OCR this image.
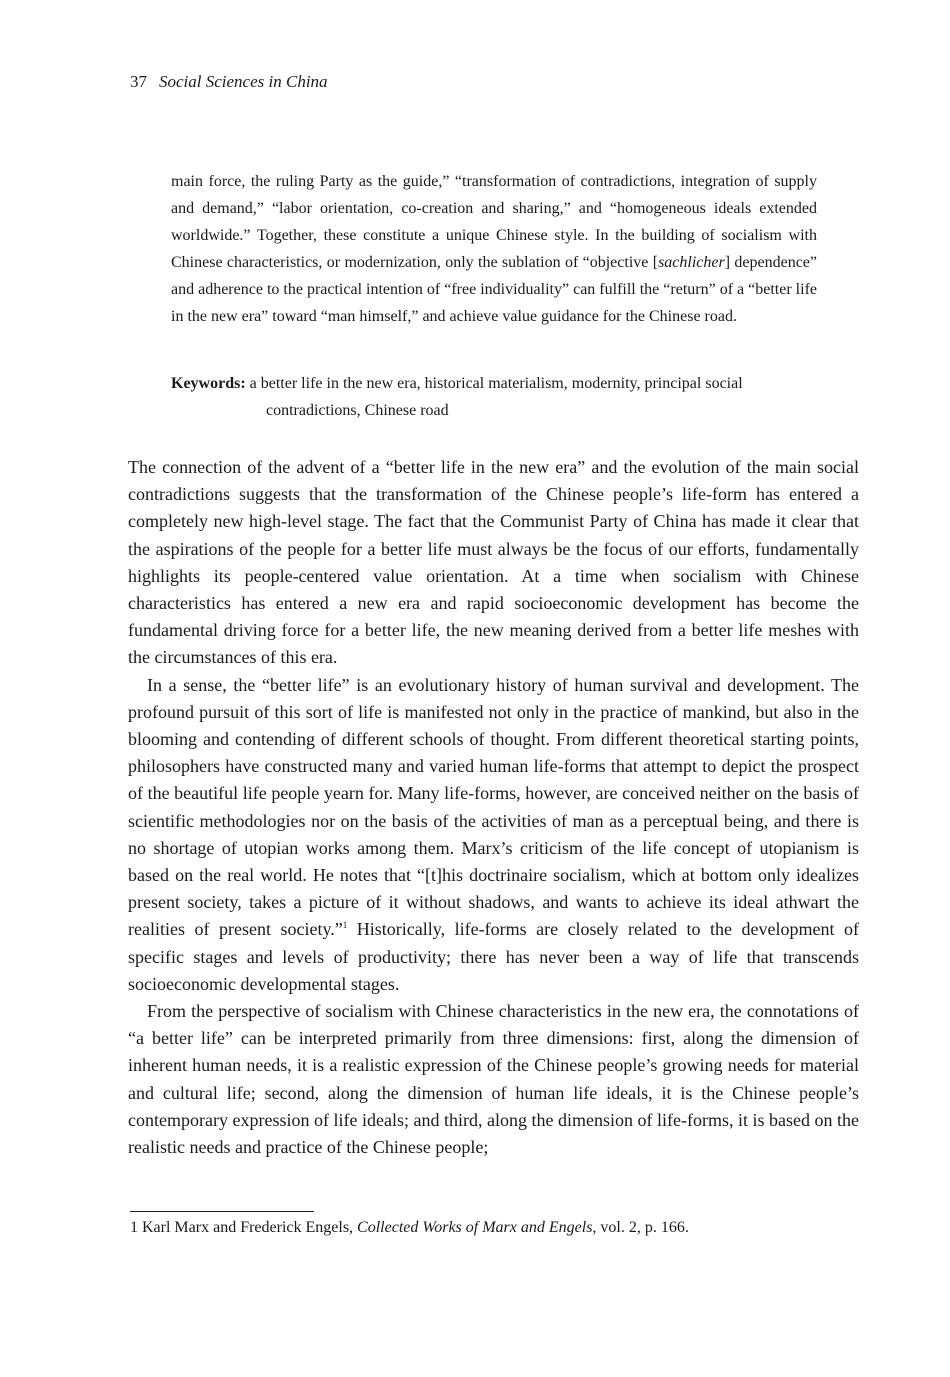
37 Social Sciences in China

main force, the ruling Party as the guide,” “transformation of contradictions, integration of supply and demand,” “labor orientation, co-creation and sharing,” and “homogeneous ideals extended worldwide.” Together, these constitute a unique Chinese style. In the building of socialism with Chinese characteristics, or modernization, only the sublation of “objective [sachlicher] dependence” and adherence to the practical intention of “free individuality” can fulfill the “return” of a “better life in the new era” toward “man himself,” and achieve value guidance for the Chinese road.

Keywords: a better life in the new era, historical materialism, modernity, principal social contradictions, Chinese road

The connection of the advent of a “better life in the new era” and the evolution of the main social contradictions suggests that the transformation of the Chinese people’s life-form has entered a completely new high-level stage. The fact that the Communist Party of China has made it clear that the aspirations of the people for a better life must always be the focus of our efforts, fundamentally highlights its people-centered value orientation. At a time when socialism with Chinese characteristics has entered a new era and rapid socioeconomic development has become the fundamental driving force for a better life, the new meaning derived from a better life meshes with the circumstances of this era.

In a sense, the “better life” is an evolutionary history of human survival and development. The profound pursuit of this sort of life is manifested not only in the practice of mankind, but also in the blooming and contending of different schools of thought. From different theoretical starting points, philosophers have constructed many and varied human life-forms that attempt to depict the prospect of the beautiful life people yearn for. Many life-forms, however, are conceived neither on the basis of scientific methodologies nor on the basis of the activities of man as a perceptual being, and there is no shortage of utopian works among them. Marx’s criticism of the life concept of utopianism is based on the real world. He notes that “[t]his doctrinaire socialism, which at bottom only idealizes present society, takes a picture of it without shadows, and wants to achieve its ideal athwart the realities of present society.”$^1$ Historically, life-forms are closely related to the development of specific stages and levels of productivity; there has never been a way of life that transcends socioeconomic developmental stages.

From the perspective of socialism with Chinese characteristics in the new era, the connotations of “a better life” can be interpreted primarily from three dimensions: first, along the dimension of inherent human needs, it is a realistic expression of the Chinese people’s growing needs for material and cultural life; second, along the dimension of human life ideals, it is the Chinese people’s contemporary expression of life ideals; and third, along the dimension of life-forms, it is based on the realistic needs and practice of the Chinese people;

1 Karl Marx and Frederick Engels, Collected Works of Marx and Engels, vol. 2, p. 166.
